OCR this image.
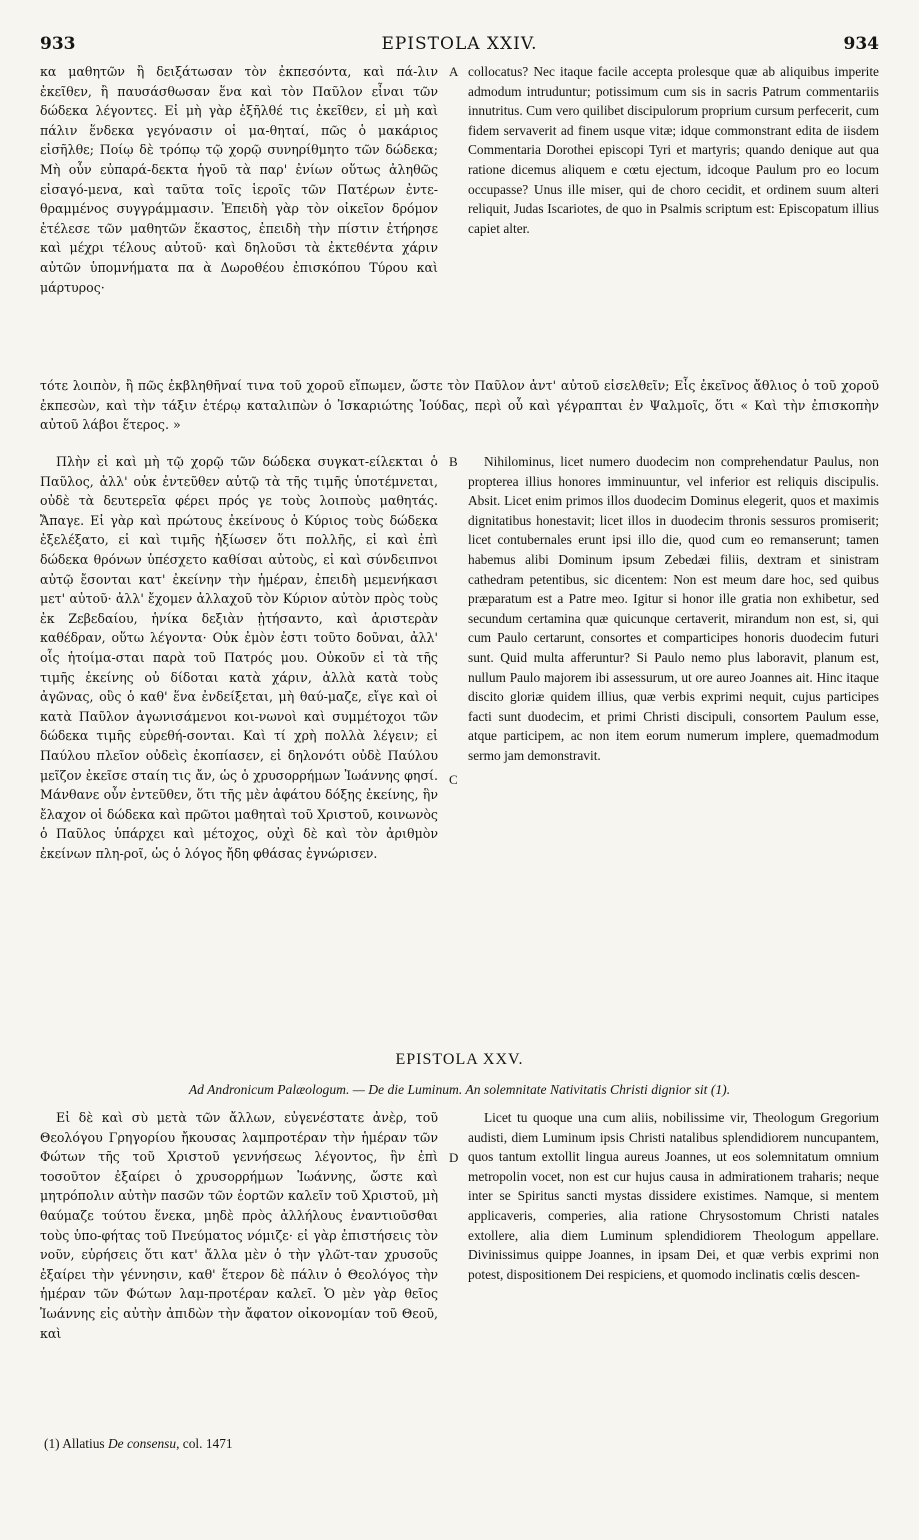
933	EPISTOLA XXIV.	934

κα μαθητῶν ἢ δειξάτωσαν τὸν ἐκπεσόντα, καὶ πά-λιν ἐκεῖθεν, ἢ παυσάσθωσαν ἕνα καὶ τὸν Παῦλον εἶναι τῶν δώδεκα λέγοντες. Εἰ μὴ γὰρ ἐξῆλθέ τις ἐκεῖθεν, εἰ μὴ καὶ πάλιν ἕνδεκα γεγόνασιν οἱ μα-θηταί, πῶς ὁ μακάριος εἰσῆλθε; Ποίῳ δὲ τρόπῳ τῷ χορῷ συνηρίθμητο τῶν δώδεκα; Μὴ οὖν εὐπαρά-δεκτα ἡγοῦ τὰ παρ' ἐνίων οὕτως ἀληθῶς εἰσαγό-μενα, καὶ ταῦτα τοῖς ἱεροῖς τῶν Πατέρων ἐντε-θραμμένος συγγράμμασιν. Ἐπειδὴ γὰρ τὸν οἰκεῖον δρόμον ἐτέλεσε τῶν μαθητῶν ἕκαστος, ἐπειδὴ τὴν πίστιν ἐτήρησε καὶ μέχρι τέλους αὐτοῦ· καὶ δηλοῦσι τὰ ἐκτεθέντα χάριν αὐτῶν ὑπομνήματα πα ὰ Δωροθέου ἐπισκόπου Τύρου καὶ μάρτυρος·

A collocatus? Nec itaque facile accepta prolesque quæ ab aliquibus imperite admodum intruduntur; potissimum cum sis in sacris Patrum commentariis innutritus. Cum vero quilibet discipulorum proprium cursum perfecerit, cum fidem servaverit ad finem usque vitæ; idque commonstrant edita de iisdem Commentaria Dorothei episcopi Tyri et martyris; quando denique aut qua ratione dicemus aliquem e cœtu ejectum, idcoque Paulum pro eo locum occupasse? Unus ille miser, qui de choro cecidit, et ordinem suum alteri reliquit, Judas Iscariotes, de quo in Psalmis scriptum est: Episcopatum illius capiet alter.

τότε λοιπὸν, ἢ πῶς ἐκβληθῆναί τινα τοῦ χοροῦ εἴπωμεν, ὥστε τὸν Παῦλον ἀντ' αὐτοῦ εἰσελθεῖν; Εἷς ἐκεῖνος ἄθλιος ὁ τοῦ χοροῦ ἐκπεσὼν, καὶ τὴν τάξιν ἑτέρῳ καταλιπὼν ὁ Ἰσκαριώτης Ἰούδας, περὶ οὗ καὶ γέγραπται ἐν Ψαλμοῖς, ὅτι « Καὶ τὴν ἐπισκοπὴν αὐτοῦ λάβοι ἕτερος. »

Πλὴν εἰ καὶ μὴ τῷ χορῷ τῶν δώδεκα συγκατ-είλεκται ὁ Παῦλος, ἀλλ' οὐκ ἐντεῦθεν αὐτῷ τὰ τῆς τιμῆς ὑποτέμνεται, οὐδὲ τὰ δευτερεῖα φέρει πρός γε τοὺς λοιποὺς μαθητάς. Ἄπαγε. Εἰ γὰρ καὶ πρώτους ἐκείνους ὁ Κύριος τοὺς δώδεκα ἐξελέξατο, εἰ καὶ τιμῆς ἠξίωσεν ὅτι πολλῆς, εἰ καὶ ἐπὶ δώδεκα θρόνων ὑπέσχετο καθίσαι αὐτοὺς, εἰ καὶ σύνδειπνοι αὐτῷ ἔσονται κατ' ἐκείνην τὴν ἡμέραν, ἐπειδὴ μεμενήκασι μετ' αὐτοῦ· ἀλλ' ἔχομεν ἀλλαχοῦ τὸν Κύριον αὐτὸν πρὸς τοὺς ἐκ Ζεβεδαίου, ἡνίκα δεξιὰν ᾐτήσαντο, καὶ ἀριστερὰν καθέδραν, οὕτω λέγοντα· Οὐκ ἐμὸν ἐστι τοῦτο δοῦναι, ἀλλ' οἷς ἡτοίμα-σται παρὰ τοῦ Πατρός μου. Οὐκοῦν εἰ τὰ τῆς τιμῆς ἐκείνης οὐ δίδοται κατὰ χάριν, ἀλλὰ κατὰ τοὺς ἀγῶνας, οὓς ὁ καθ' ἕνα ἐνδείξεται, μὴ θαύ-μαζε, εἴγε καὶ οἱ κατὰ Παῦλον ἀγωνισάμενοι κοι-νωνοὶ καὶ συμμέτοχοι τῶν δώδεκα τιμῆς εὑρεθή-σονται. Καὶ τί χρὴ πολλὰ λέγειν; εἰ Παύλου πλεῖον οὐδεὶς ἐκοπίασεν, εἰ δηλονότι οὐδὲ Παύλου μεῖζον ἐκεῖσε σταίη τις ἄν, ὡς ὁ χρυσορρήμων Ἰωάννης φησί. Μάνθανε οὖν ἐντεῦθεν, ὅτι τῆς μὲν ἀφάτου δόξης ἐκείνης, ἣν ἔλαχον οἱ δώδεκα καὶ πρῶτοι μαθηταὶ τοῦ Χριστοῦ, κοινωνὸς ὁ Παῦλος ὑπάρχει καὶ μέτοχος, οὐχὶ δὲ καὶ τὸν ἀριθμὸν ἐκείνων πλη-ροῖ, ὡς ὁ λόγος ἤδη φθάσας ἐγνώρισεν.

B
C

Nihilominus, licet numero duodecim non comprehendatur Paulus, non propterea illius honores imminuuntur, vel inferior est reliquis discipulis. Absit. Licet enim primos illos duodecim Dominus elegerit, quos et maximis dignitatibus honestavit; licet illos in duodecim thronis sessuros promiserit; licet contubernales erunt ipsi illo die, quod cum eo remanserunt; tamen habemus alibi Dominum ipsum Zebedæi filiis, dextram et sinistram cathedram petentibus, sic dicentem: Non est meum dare hoc, sed quibus præparatum est a Patre meo. Igitur si honor ille gratia non exhibetur, sed secundum certamina quæ quicunque certaverit, mirandum non est, si, qui cum Paulo certarunt, consortes et comparticipes honoris duodecim futuri sunt. Quid multa afferuntur? Si Paulo nemo plus laboravit, planum est, nullum Paulo majorem ibi assessurum, ut ore aureo Joannes ait. Hinc itaque discito gloriæ quidem illius, quæ verbis exprimi nequit, cujus participes facti sunt duodecim, et primi Christi discipuli, consortem Paulum esse, atque participem, ac non item eorum numerum implere, quemadmodum sermo jam demonstravit.

EPISTOLA XXV.
Ad Andronicum Palæologum. — De die Luminum. An solemnitate Nativitatis Christi dignior sit (1).

Εἰ δὲ καὶ σὺ μετὰ τῶν ἄλλων, εὐγενέστατε ἀνὲρ, τοῦ Θεολόγου Γρηγορίου ἤκουσας λαμπροτέραν τὴν ἡμέραν τῶν Φώτων τῆς τοῦ Χριστοῦ γεννήσεως λέγοντος, ἣν ἐπὶ τοσοῦτον ἐξαίρει ὁ χρυσορρήμων Ἰωάννης, ὥστε καὶ μητρόπολιν αὐτὴν πασῶν τῶν ἑορτῶν καλεῖν τοῦ Χριστοῦ, μὴ θαύμαζε τούτου ἕνεκα, μηδὲ πρὸς ἀλλήλους ἐναντιοῦσθαι τοὺς ὑπο-φήτας τοῦ Πνεύματος νόμιζε· εἰ γὰρ ἐπιστήσεις τὸν νοῦν, εὑρήσεις ὅτι κατ' ἄλλα μὲν ὁ τὴν γλῶτ-ταν χρυσοῦς ἐξαίρει τὴν γέννησιν, καθ' ἕτερον δὲ πάλιν ὁ Θεολόγος τὴν ἡμέραν τῶν Φώτων λαμ-προτέραν καλεῖ. Ὁ μὲν γὰρ θεῖος Ἰωάννης εἰς αὐτὴν ἀπιδὼν τὴν ἄφατον οἰκονομίαν τοῦ Θεοῦ, καὶ

D

Licet tu quoque una cum aliis, nobilissime vir, Theologum Gregorium audisti, diem Luminum ipsis Christi natalibus splendidiorem nuncupantem, quos tantum extollit lingua aureus Joannes, ut eos solemnitatum omnium metropolin vocet, non est cur hujus causa in admirationem traharis; neque inter se Spiritus sancti mystas dissidere existimes. Namque, si mentem applicaveris, comperies, alia ratione Chrysostomum Christi natales extollere, alia diem Luminum splendidiorem Theologum appellare. Divinissimus quippe Joannes, in ipsam Dei, et quæ verbis exprimi non potest, dispositionem Dei respiciens, et quomodo inclinatis cœlis descen-

(1) Allatius De consensu, col. 1471
